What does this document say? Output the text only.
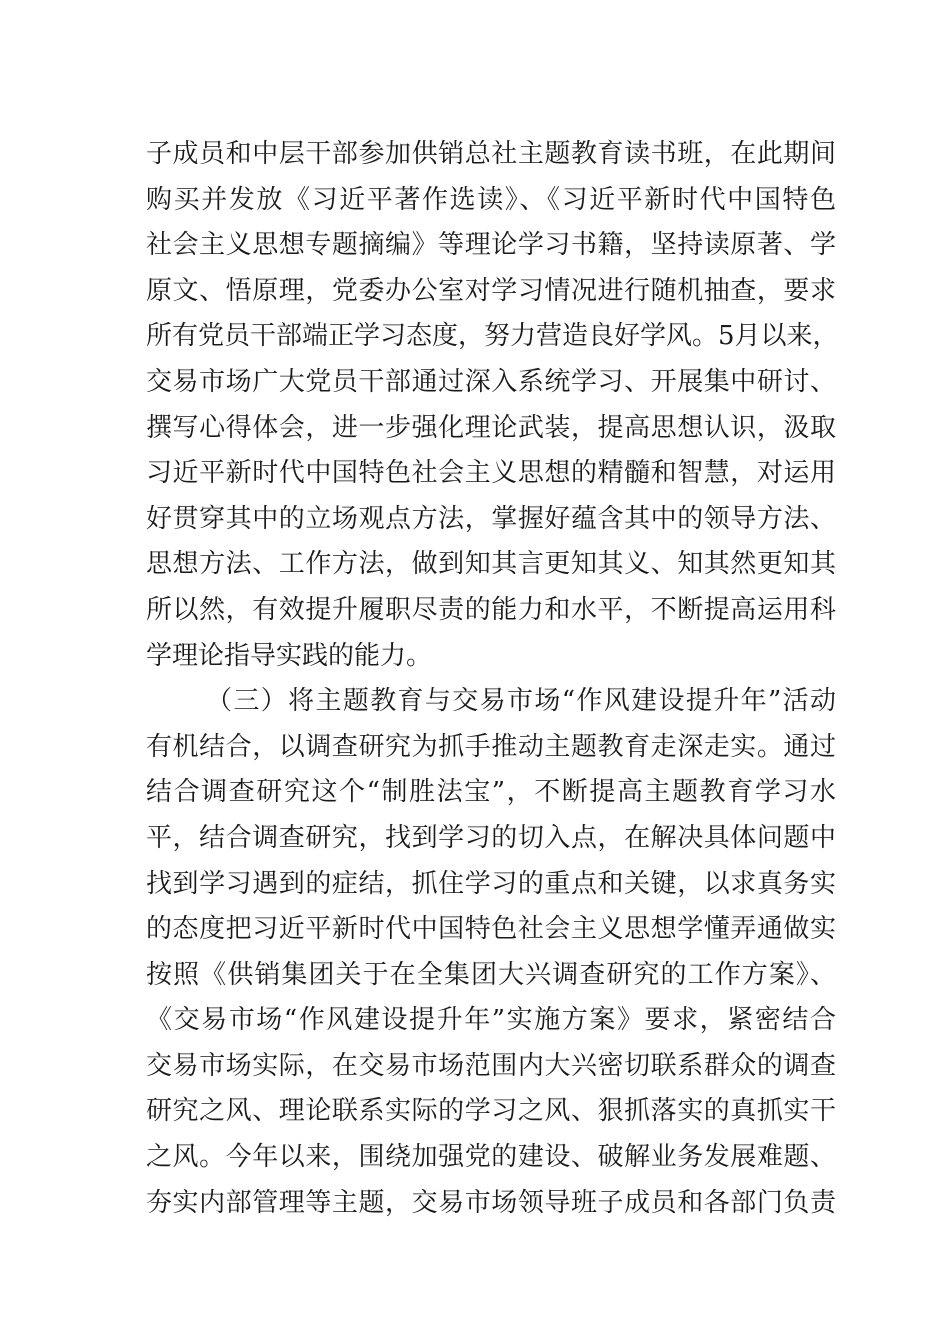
子成员和中层干部参加供销总社主题教育读书班，在此期间
购买并发放《习近平著作选读》、《习近平新时代中国特色
社会主义思想专题摘编》等理论学习书籍，坚持读原著、学
原文、悟原理，党委办公室对学习情况进行随机抽查，要求
所有党员干部端正学习态度，努力营造良好学风。5月以来，
交易市场广大党员干部通过深入系统学习、开展集中研讨、
撰写心得体会，进一步强化理论武装，提高思想认识，汲取
习近平新时代中国特色社会主义思想的精髓和智慧，对运用
好贯穿其中的立场观点方法，掌握好蕴含其中的领导方法、
思想方法、工作方法，做到知其言更知其义、知其然更知其
所以然，有效提升履职尽责的能力和水平，不断提高运用科
学理论指导实践的能力。
（三）将主题教育与交易市场“作风建设提升年”活动
有机结合，以调查研究为抓手推动主题教育走深走实。通过
结合调查研究这个“制胜法宝”，不断提高主题教育学习水
平，结合调查研究，找到学习的切入点，在解决具体问题中
找到学习遇到的症结，抓住学习的重点和关键，以求真务实
的态度把习近平新时代中国特色社会主义思想学懂弄通做实
按照《供销集团关于在全集团大兴调查研究的工作方案》、
《交易市场“作风建设提升年”实施方案》要求，紧密结合
交易市场实际，在交易市场范围内大兴密切联系群众的调查
研究之风、理论联系实际的学习之风、狠抓落实的真抓实干
之风。今年以来，围绕加强党的建设、破解业务发展难题、
夯实内部管理等主题，交易市场领导班子成员和各部门负责
